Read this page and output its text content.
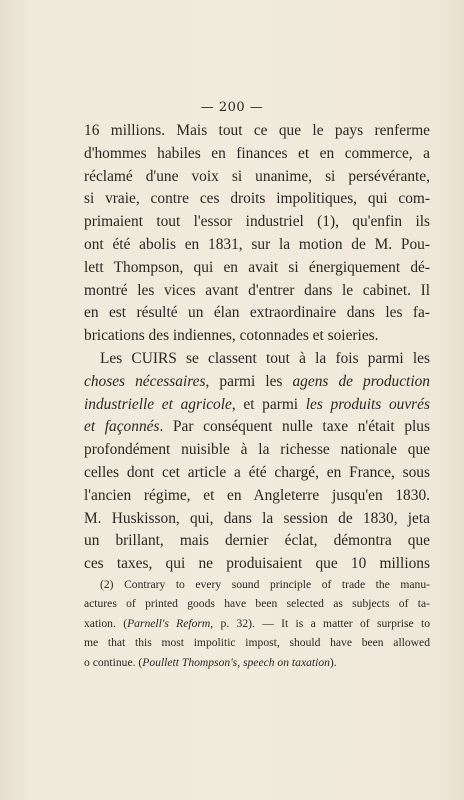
— 200 —
16 millions. Mais tout ce que le pays renferme
d'hommes habiles en finances et en commerce, a
réclamé d'une voix si unanime, si persévérante,
si vraie, contre ces droits impolitiques, qui com-
primaient tout l'essor industriel (1), qu'enfin ils
ont été abolis en 1831, sur la motion de M. Pou-
lett Thompson, qui en avait si énergiquement dé-
montré les vices avant d'entrer dans le cabinet. Il
en est résulté un élan extraordinaire dans les fa-
brications des indiennes, cotonnades et soieries.
Les CUIRS se classent tout à la fois parmi les
choses nécessaires, parmi les agens de production
industrielle et agricole, et parmi les produits ouvrés
et façonnés. Par conséquent nulle taxe n'était plus
profondément nuisible à la richesse nationale que
celles dont cet article a été chargé, en France, sous
l'ancien régime, et en Angleterre jusqu'en 1830.
M. Huskisson, qui, dans la session de 1830, jeta
un brillant, mais dernier éclat, démontra que
ces taxes, qui ne produisaient que 10 millions
(2) Contrary to every sound principle of trade the manu-
actures of printed goods have been selected as subjects of ta-
xation. (Parnell's Reform, p. 32). — It is a matter of surprise to
me that this most impolitic impost, should have been allowed
o continue. (Poullett Thompson's, speech on taxation).
